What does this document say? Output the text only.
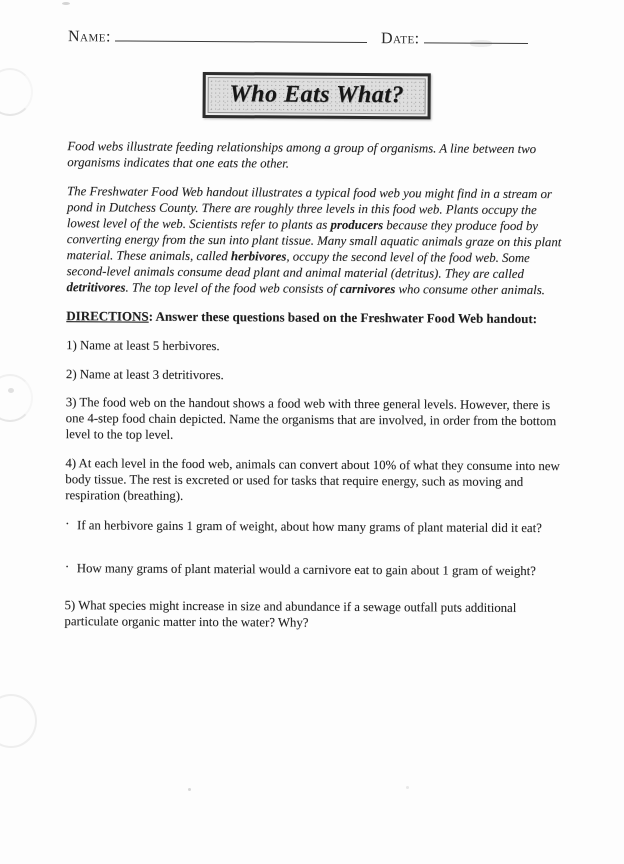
Name:	Date:
Who Eats What?

Food webs illustrate feeding relationships among a group of organisms. A line between two organisms indicates that one eats the other.

The Freshwater Food Web handout illustrates a typical food web you might find in a stream or pond in Dutchess County. There are roughly three levels in this food web. Plants occupy the lowest level of the web. Scientists refer to plants as producers because they produce food by converting energy from the sun into plant tissue. Many small aquatic animals graze on this plant material. These animals, called herbivores, occupy the second level of the food web. Some second-level animals consume dead plant and animal material (detritus). They are called detritivores. The top level of the food web consists of carnivores who consume other animals.

DIRECTIONS: Answer these questions based on the Freshwater Food Web handout:

1) Name at least 5 herbivores.

2) Name at least 3 detritivores.

3) The food web on the handout shows a food web with three general levels. However, there is one 4-step food chain depicted. Name the organisms that are involved, in order from the bottom level to the top level.

4) At each level in the food web, animals can convert about 10% of what they consume into new body tissue. The rest is excreted or used for tasks that require energy, such as moving and respiration (breathing).

· If an herbivore gains 1 gram of weight, about how many grams of plant material did it eat?
· How many grams of plant material would a carnivore eat to gain about 1 gram of weight?

5) What species might increase in size and abundance if a sewage outfall puts additional particulate organic matter into the water? Why?
